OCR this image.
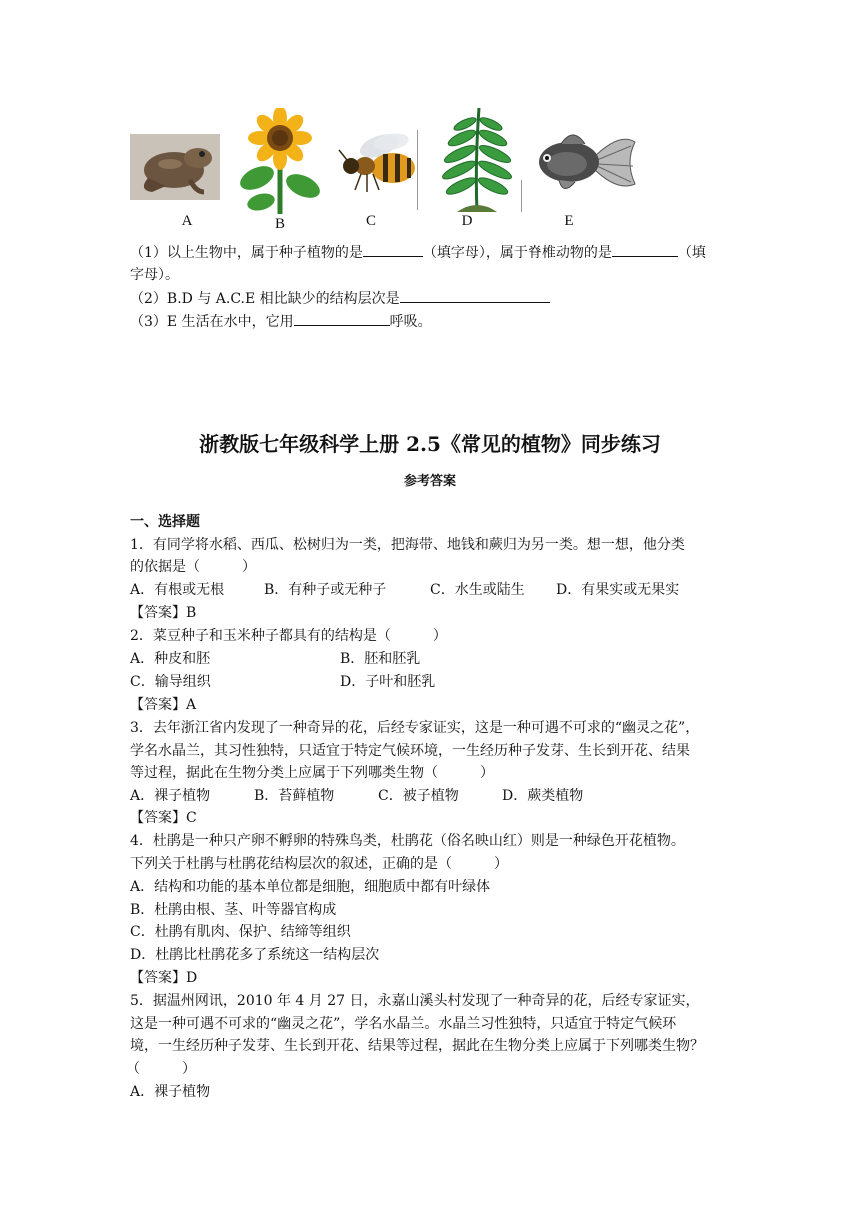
A	B	C	D	E
（1）以上生物中，属于种子植物的是	（填字母），属于脊椎动物的是	（填
字母）。
（2）B.D 与 A.C.E 相比缺少的结构层次是
（3）E 生活在水中，它用	呼吸。
浙教版七年级科学上册 2.5《常见的植物》同步练习
参考答案
一、选择题
1．有同学将水稻、西瓜、松树归为一类，把海带、地钱和蕨归为另一类。想一想，他分类
的依据是（　　　）
A．有根或无根	B．有种子或无种子	C．水生或陆生 D．有果实或无果实
【答案】B
2．菜豆种子和玉米种子都具有的结构是（　　　）
A．种皮和胚	B．胚和胚乳
C．输导组织	D．子叶和胚乳
【答案】A
3．去年浙江省内发现了一种奇异的花，后经专家证实，这是一种可遇不可求的“幽灵之花”，
学名水晶兰，其习性独特，只适宜于特定气候环境，一生经历种子发芽、生长到开花、结果
等过程，据此在生物分类上应属于下列哪类生物（　　　）
A．裸子植物	B．苔藓植物	C．被子植物	D．蕨类植物
【答案】C
4．杜鹃是一种只产卵不孵卵的特殊鸟类，杜鹃花（俗名映山红）则是一种绿色开花植物。
下列关于杜鹃与杜鹃花结构层次的叙述，正确的是（　　　）
A．结构和功能的基本单位都是细胞，细胞质中都有叶绿体
B．杜鹃由根、茎、叶等器官构成
C．杜鹃有肌肉、保护、结缔等组织
D．杜鹃比杜鹃花多了系统这一结构层次
【答案】D
5．据温州网讯，2010 年 4 月 27 日，永嘉山溪头村发现了一种奇异的花，后经专家证实，
这是一种可遇不可求的“幽灵之花”，学名水晶兰。水晶兰习性独特，只适宜于特定气候环
境，一生经历种子发芽、生长到开花、结果等过程，据此在生物分类上应属于下列哪类生物？
（　　　）
A．裸子植物
